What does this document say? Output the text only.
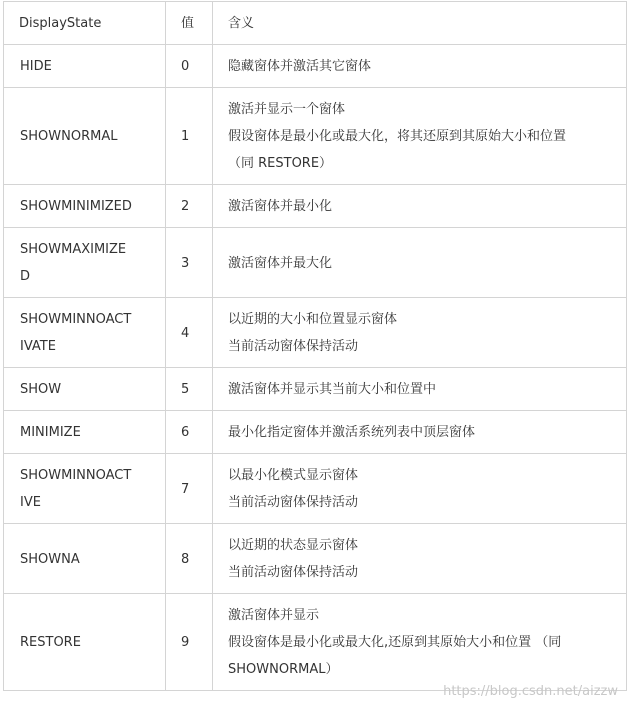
DisplayState	值	含义

HIDE	0	隐藏窗体并激活其它窗体

SHOWNORMAL	1	激活并显示一个窗体
假设窗体是最小化或最大化，将其还原到其原始大小和位置
（同 RESTORE）

SHOWMINIMIZED	2	激活窗体并最小化

SHOWMAXIMIZE
D	3	激活窗体并最大化

SHOWMINNOACT
IVATE	4	以近期的大小和位置显示窗体
当前活动窗体保持活动

SHOW	5	激活窗体并显示其当前大小和位置中

MINIMIZE	6	最小化指定窗体并激活系统列表中顶层窗体

SHOWMINNOACT
IVE	7	以最小化模式显示窗体
当前活动窗体保持活动

SHOWNA	8	以近期的状态显示窗体
当前活动窗体保持活动

RESTORE	9	激活窗体并显示
假设窗体是最小化或最大化,还原到其原始大小和位置 （同
SHOWNORMAL）
https://blog.csdn.net/aizzw
